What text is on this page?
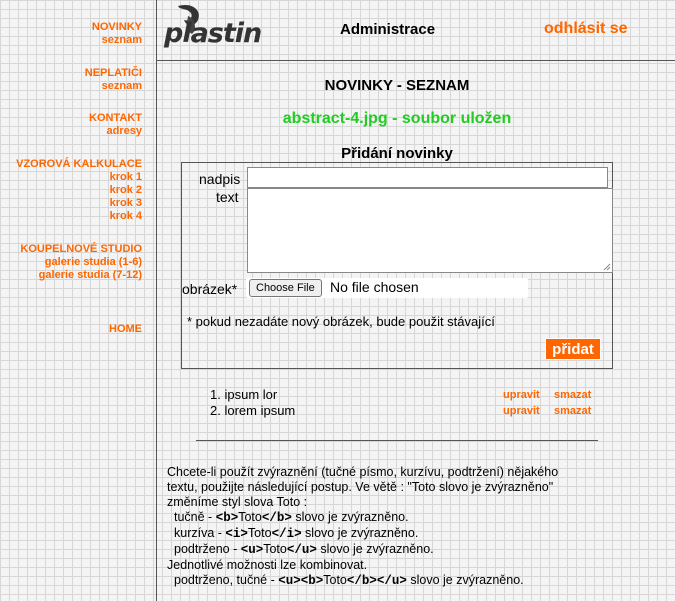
NOVINKY
seznam
NEPLATIČI
seznam
KONTAKT
adresy
VZOROVÁ KALKULACE
krok 1
krok 2
krok 3
krok 4
KOUPELNOVÉ STUDIO
galerie studia (1-6)
galerie studia (7-12)
HOME
plastin	Administrace	odhlásit se
NOVINKY - SEZNAM
abstract-4.jpg - soubor uložen
Přidání novinky
nadpis
text
obrázek*	Choose File	No file chosen
* pokud nezadáte nový obrázek, bude použit stávající
přidat
1. ipsum lor	upravit smazat
2. lorem ipsum	upravit smazat
Chcete-li použít zvýraznění (tučné písmo, kurzívu, podtržení) nějakého
textu, použijte následující postup. Ve větě : "Toto slovo je zvýrazněno"
změníme styl slova Toto :
tučně - <b>Toto</b> slovo je zvýrazněno.
kurzíva - <i>Toto</i> slovo je zvýrazněno.
podtrženo - <u>Toto</u> slovo je zvýrazněno.
Jednotlivé možnosti lze kombinovat.
podtrženo, tučné - <u><b>Toto</b></u> slovo je zvýrazněno.
